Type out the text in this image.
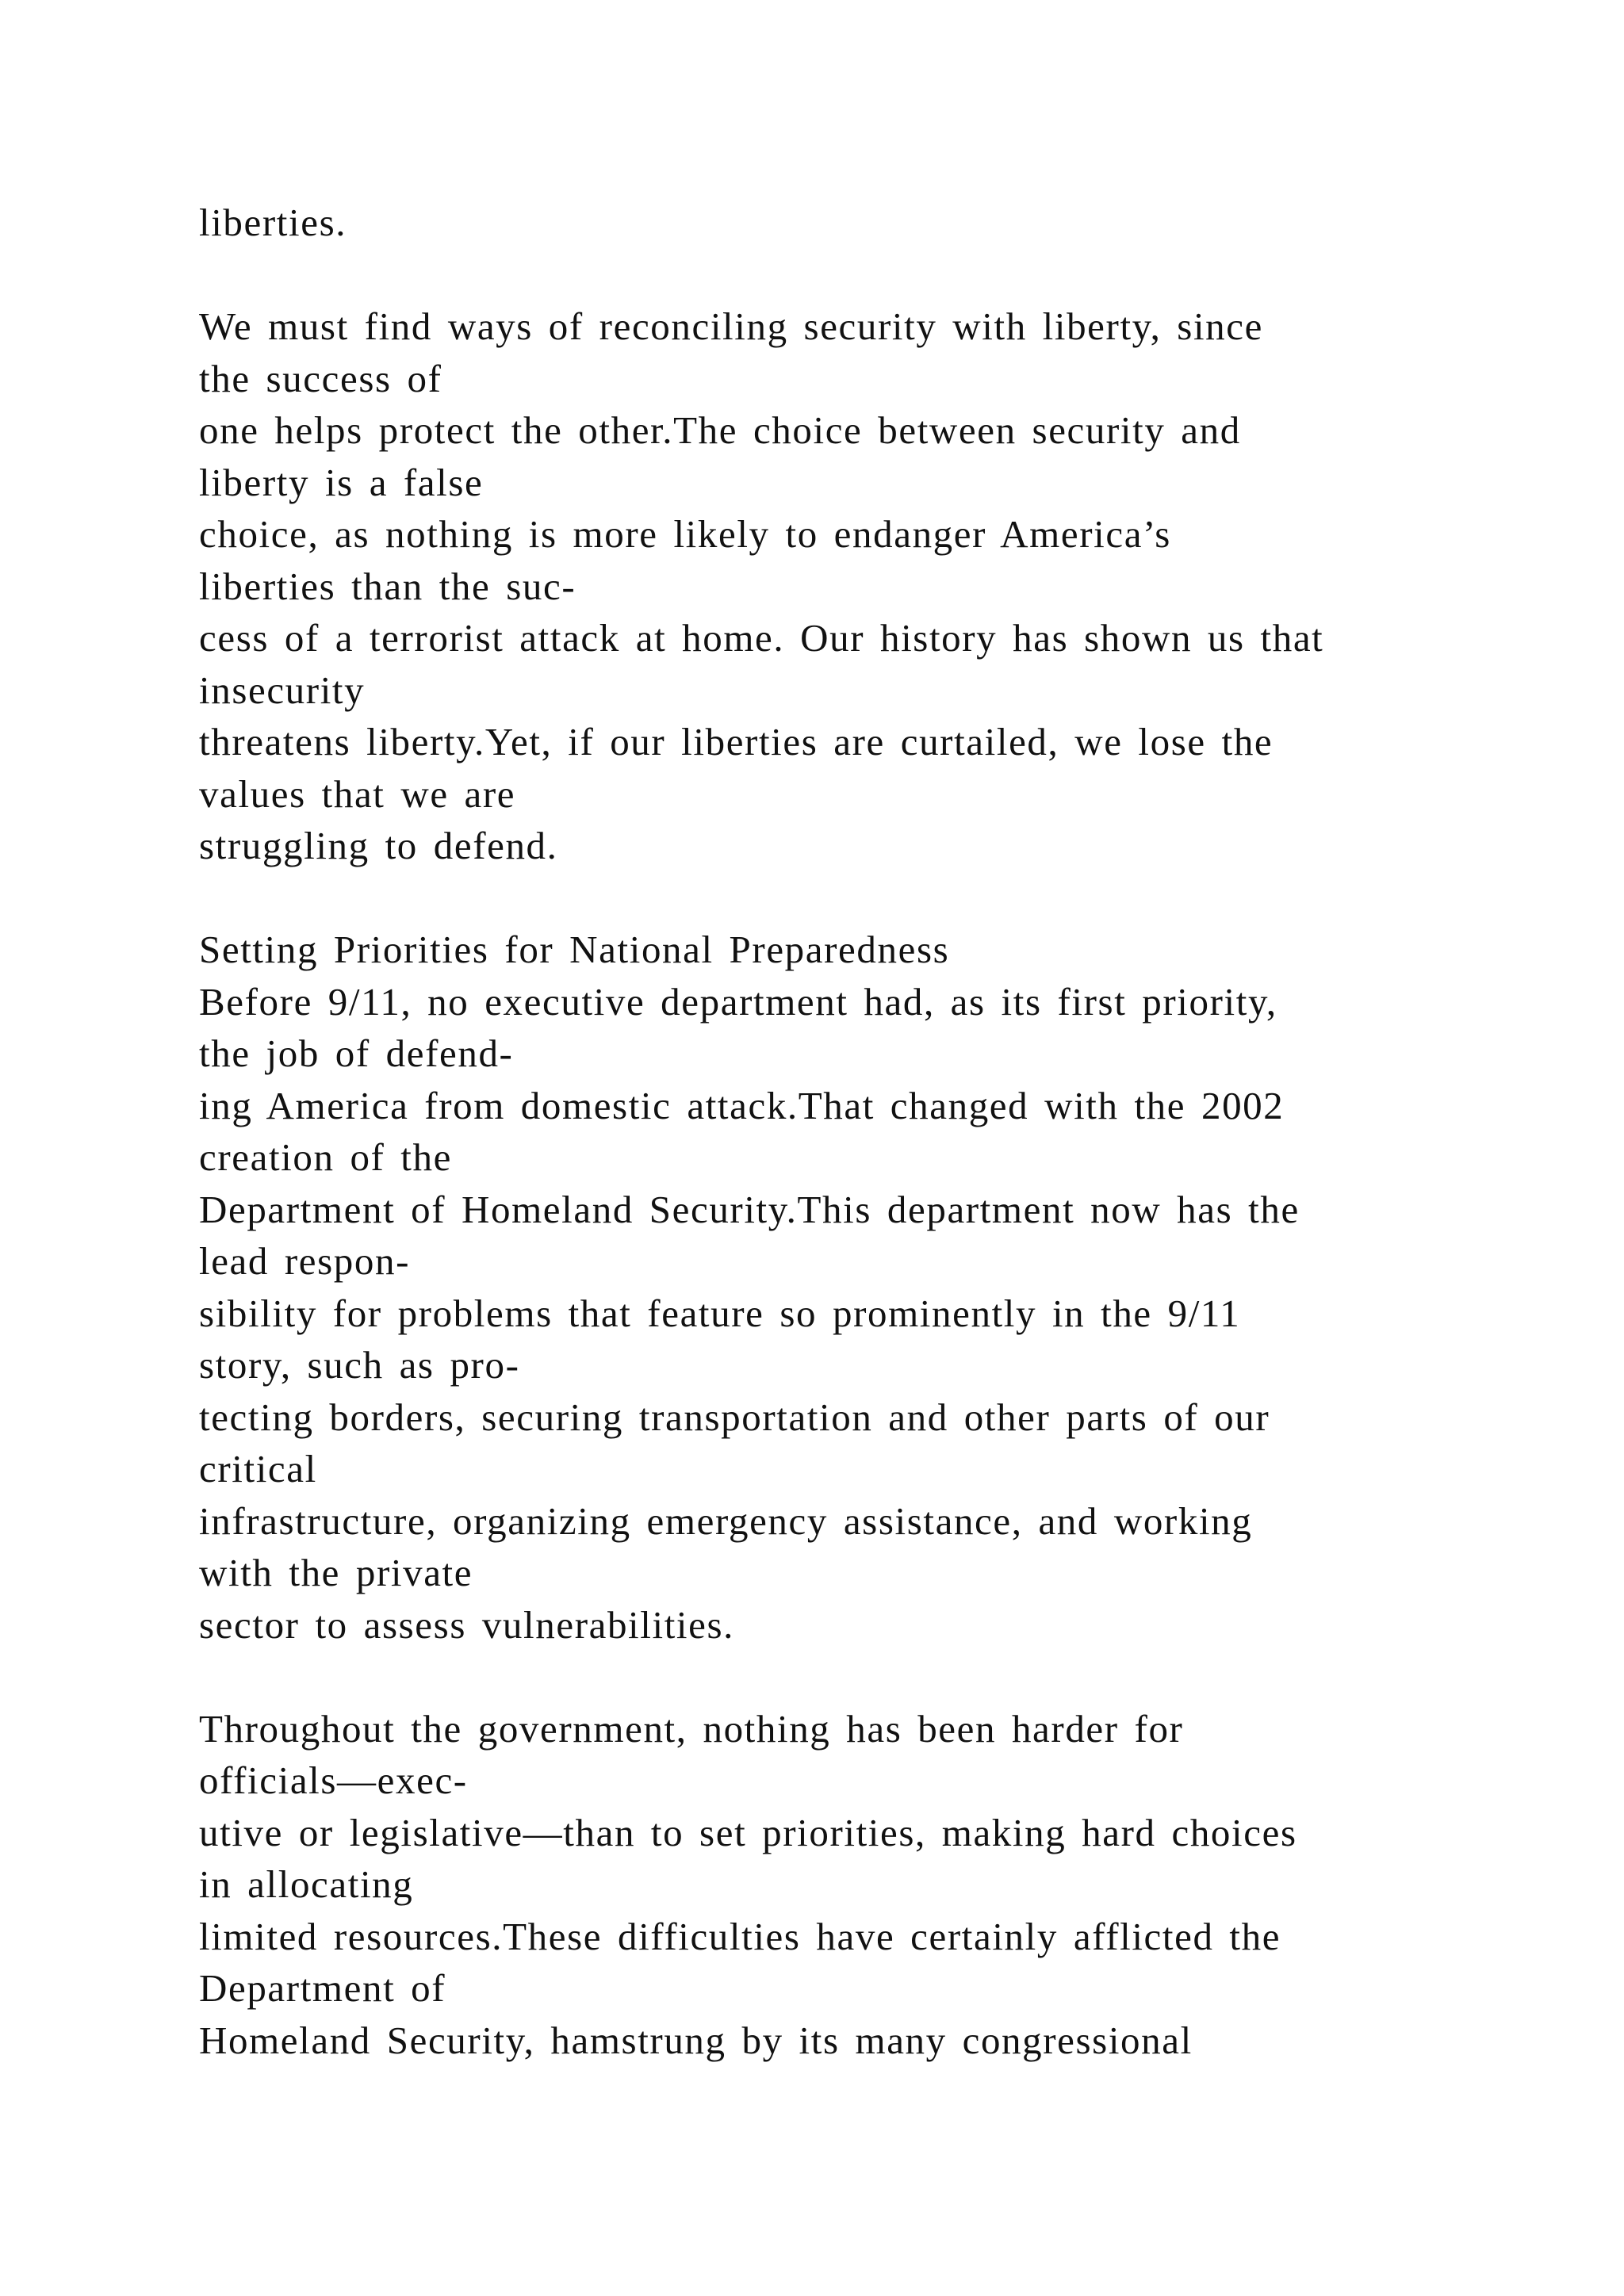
liberties.
We must find ways of reconciling security with liberty, since
the success of
one helps protect the other.The choice between security and
liberty is a false
choice, as nothing is more likely to endanger America’s
liberties than the suc-
cess of a terrorist attack at home. Our history has shown us that
insecurity
threatens liberty.Yet, if our liberties are curtailed, we lose the
values that we are
struggling to defend.
Setting Priorities for National Preparedness
Before 9/11, no executive department had, as its first priority,
the job of defend-
ing America from domestic attack.That changed with the 2002
creation of the
Department of Homeland Security.This department now has the
lead respon-
sibility for problems that feature so prominently in the 9/11
story, such as pro-
tecting borders, securing transportation and other parts of our
critical
infrastructure, organizing emergency assistance, and working
with the private
sector to assess vulnerabilities.
Throughout the government, nothing has been harder for
officials—exec-
utive or legislative—than to set priorities, making hard choices
in allocating
limited resources.These difficulties have certainly afflicted the
Department of
Homeland Security, hamstrung by its many congressional
